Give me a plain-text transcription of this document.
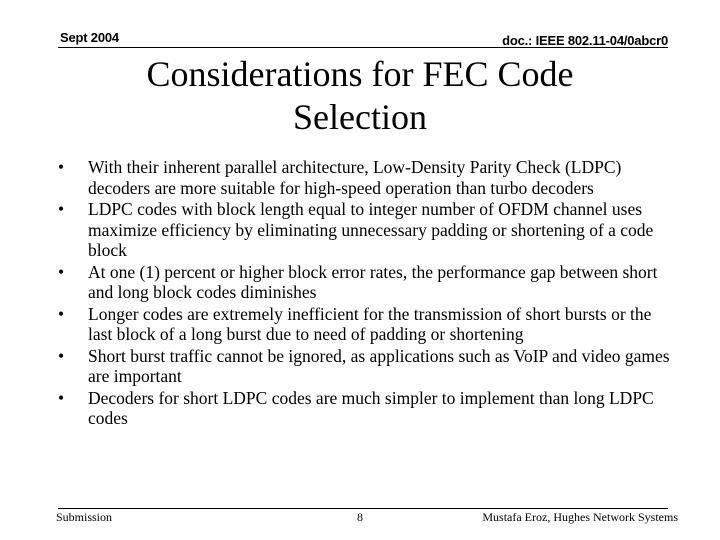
Sept 2004	doc.: IEEE 802.11-04/0abcr0
Considerations for FEC Code
Selection
•	With their inherent parallel architecture, Low-Density Parity Check (LDPC) decoders are more suitable for high-speed operation than turbo decoders
•	LDPC codes with block length equal to integer number of OFDM channel uses maximize efficiency by eliminating unnecessary padding or shortening of a code block
•	At one (1) percent or higher block error rates, the performance gap between short and long block codes diminishes
•	Longer codes are extremely inefficient for the transmission of short bursts or the last block of a long burst due to need of padding or shortening
•	Short burst traffic cannot be ignored, as applications such as VoIP and video games are important
•	Decoders for short LDPC codes are much simpler to implement than long LDPC codes
Submission	8	Mustafa Eroz, Hughes Network Systems
